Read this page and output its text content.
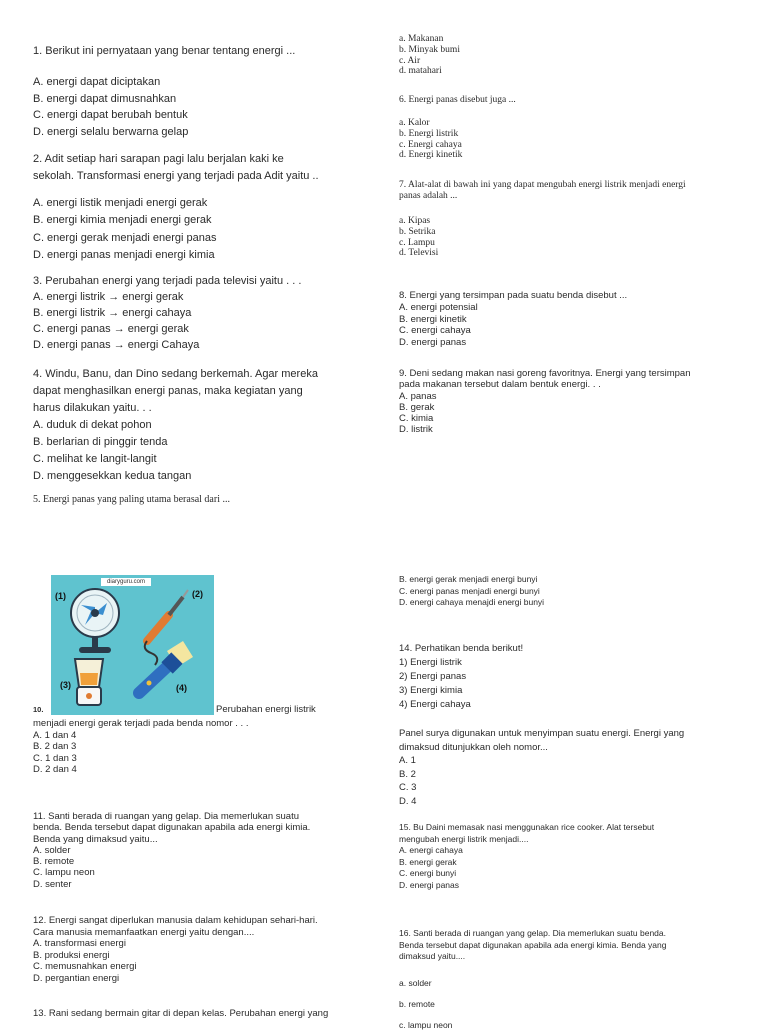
1. Berikut ini pernyataan yang benar tentang energi ...
A. energi dapat diciptakan
B. energi dapat dimusnahkan
C. energi dapat berubah bentuk
D. energi selalu berwarna gelap
2. Adit setiap hari sarapan pagi lalu berjalan kaki ke
sekolah. Transformasi energi yang terjadi pada Adit yaitu ..
A. energi listik menjadi energi gerak
B. energi kimia menjadi energi gerak
C. energi gerak menjadi energi panas
D. energi panas menjadi energi kimia
3. Perubahan energi yang terjadi pada televisi yaitu . . .
A. energi listrik → energi gerak
B. energi listrik → energi cahaya
C. energi panas → energi gerak
D. energi panas → energi Cahaya
4. Windu, Banu, dan Dino sedang berkemah. Agar mereka
dapat menghasilkan energi panas, maka kegiatan yang
harus dilakukan yaitu. . .
A. duduk di dekat pohon
B. berlarian di pinggir tenda
C. melihat ke langit-langit
D. menggesekkan kedua tangan
5. Energi panas yang paling utama berasal dari ...
diaryguru.com
(1)	(2)
(3)	(4)
10.	Perubahan energi listrik
menjadi energi gerak terjadi pada benda nomor . . .
A. 1 dan 4
B. 2 dan 3
C. 1 dan 3
D. 2 dan 4
11. Santi berada di ruangan yang gelap. Dia memerlukan suatu
benda. Benda tersebut dapat digunakan apabila ada energi kimia.
Benda yang dimaksud yaitu...
A. solder
B. remote
C. lampu neon
D. senter
12. Energi sangat diperlukan manusia dalam kehidupan sehari-hari.
Cara manusia memanfaatkan energi yaitu dengan....
A. transformasi energi
B. produksi energi
C. memusnahkan energi
D. pergantian energi
13. Rani sedang bermain gitar di depan kelas. Perubahan energi yang
a. Makanan
b. Minyak bumi
c. Air
d. matahari
6. Energi panas disebut juga ...
a. Kalor
b. Energi listrik
c. Energi cahaya
d. Energi kinetik
7. Alat-alat di bawah ini yang dapat mengubah energi listrik menjadi energi
panas adalah ...
a. Kipas
b. Setrika
c. Lampu
d. Televisi
8. Energi yang tersimpan pada suatu benda disebut ...
A. energi potensial
B. energi kinetik
C. energi cahaya
D. energi panas
9. Deni sedang makan nasi goreng favoritnya. Energi yang tersimpan
pada makanan tersebut dalam bentuk energi. . .
A. panas
B. gerak
C. kimia
D. listrik
B. energi gerak menjadi energi bunyi
C. energi panas menjadi energi bunyi
D. energi cahaya menajdi energi bunyi
14. Perhatikan benda berikut!
1) Energi listrik
2) Energi panas
3) Energi kimia
4) Energi cahaya
Panel surya digunakan untuk menyimpan suatu energi. Energi yang
dimaksud ditunjukkan oleh nomor...
A. 1
B. 2
C. 3
D. 4
15. Bu Daini memasak nasi menggunakan rice cooker. Alat tersebut
mengubah energi listrik menjadi....
A. energi cahaya
B. energi gerak
C. energi bunyi
D. energi panas
16. Santi berada di ruangan yang gelap. Dia memerlukan suatu benda.
Benda tersebut dapat digunakan apabila ada energi kimia. Benda yang
dimaksud yaitu....
a. solder
b. remote
c. lampu neon
